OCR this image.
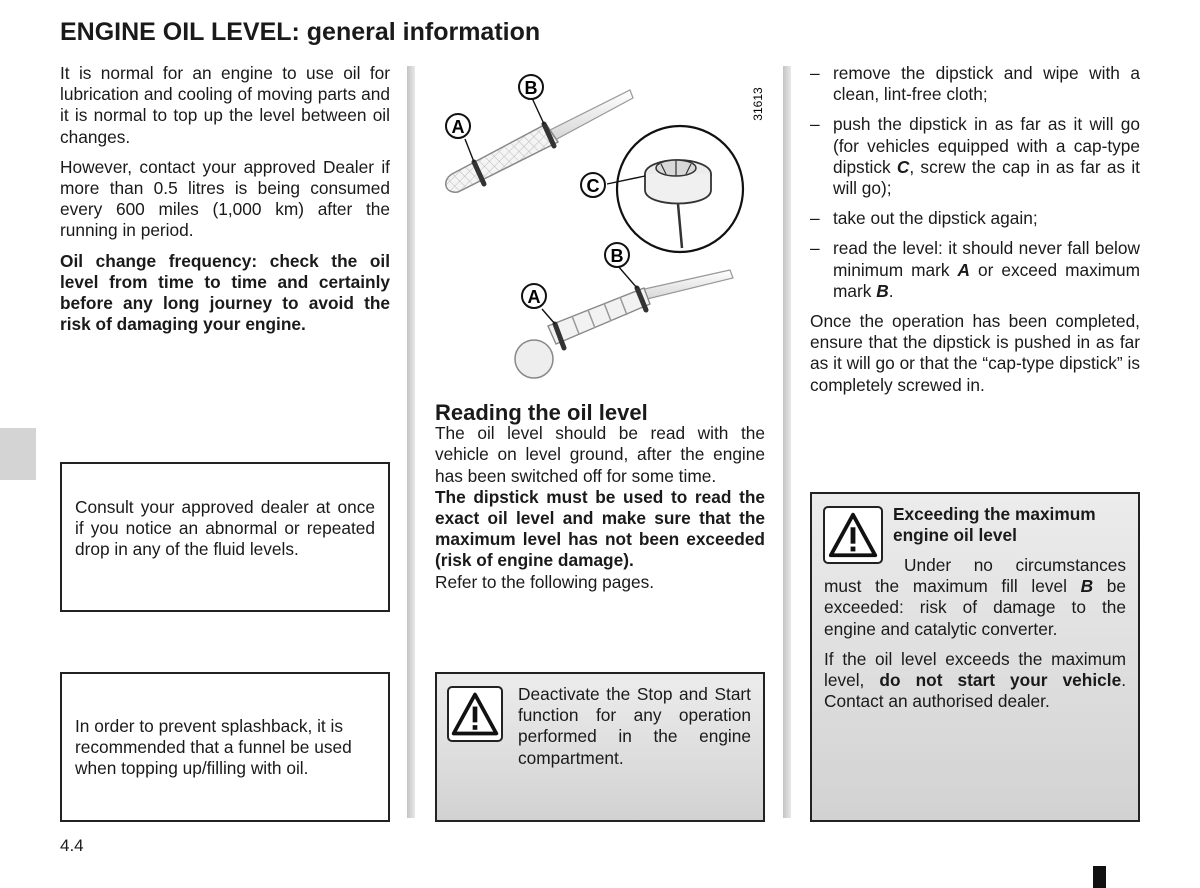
ENGINE OIL LEVEL: general information

It is normal for an engine to use oil for lubrication and cooling of moving parts and it is normal to top up the level between oil changes.

However, contact your approved Dealer if more than 0.5 litres is being consumed every 600 miles (1,000 km) after the running in period.

Oil change frequency: check the oil level from time to time and certainly before any long journey to avoid the risk of damaging your engine.

Consult your approved dealer at once if you notice an abnormal or repeated drop in any of the fluid levels.

In order to prevent splashback, it is recommended that a funnel be used when topping up/filling with oil.

A
B
C
B
A
31613
Reading the oil level

The oil level should be read with the vehicle on level ground, after the engine has been switched off for some time.

The dipstick must be used to read the exact oil level and make sure that the maximum level has not been exceeded (risk of engine damage).

Refer to the following pages.

Deactivate the Stop and Start function for any operation performed in the engine compartment.

– remove the dipstick and wipe with a clean, lint-free cloth;
– push the dipstick in as far as it will go (for vehicles equipped with a cap-type dipstick C, screw the cap in as far as it will go);
– take out the dipstick again;
– read the level: it should never fall below minimum mark A or exceed maximum mark B.

Once the operation has been completed, ensure that the dipstick is pushed in as far as it will go or that the “cap-type dipstick” is completely screwed in.

Exceeding the maximum engine oil level

Under no circumstances must the maximum fill level B be exceeded: risk of damage to the engine and catalytic converter.

If the oil level exceeds the maximum level, do not start your vehicle. Contact an authorised dealer.

4.4
